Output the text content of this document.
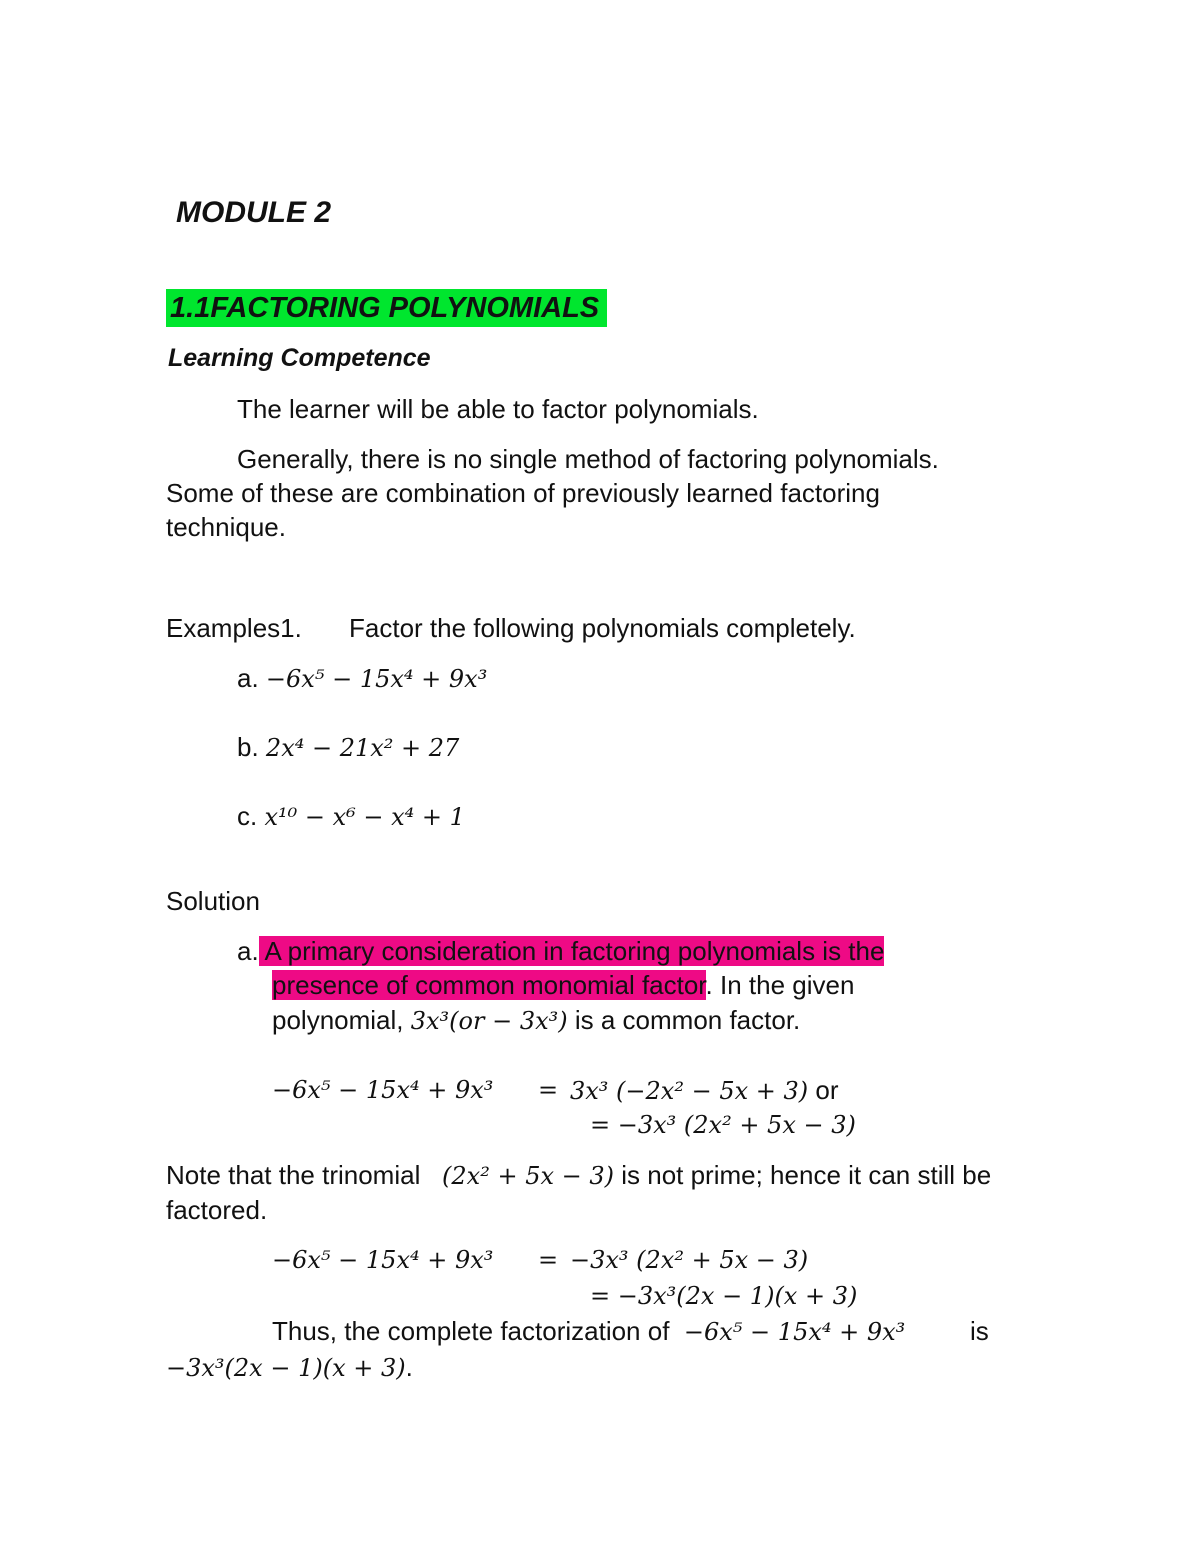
MODULE 2
1.1FACTORING POLYNOMIALS
Learning Competence
The learner will be able to factor polynomials.
Generally, there is no single method of factoring polynomials.
Some of these are combination of previously learned factoring
technique.
Examples1. Factor the following polynomials completely.
a. −6x⁵ − 15x⁴ + 9x³
b. 2x⁴ − 21x² + 27
c. x¹⁰ − x⁶ − x⁴ + 1
Solution
a. A primary consideration in factoring polynomials is the
presence of common monomial factor. In the given
polynomial, 3x³(or − 3x³) is a common factor.
−6x⁵ − 15x⁴ + 9x³ = 3x³ (−2x² − 5x + 3) or
= −3x³ (2x² + 5x − 3)
Note that the trinomial (2x² + 5x − 3) is not prime; hence it can still be
factored.
−6x⁵ − 15x⁴ + 9x³ = −3x³ (2x² + 5x − 3)
= −3x³(2x − 1)(x + 3)
Thus, the complete factorization of −6x⁵ − 15x⁴ + 9x³ is
−3x³(2x − 1)(x + 3).
